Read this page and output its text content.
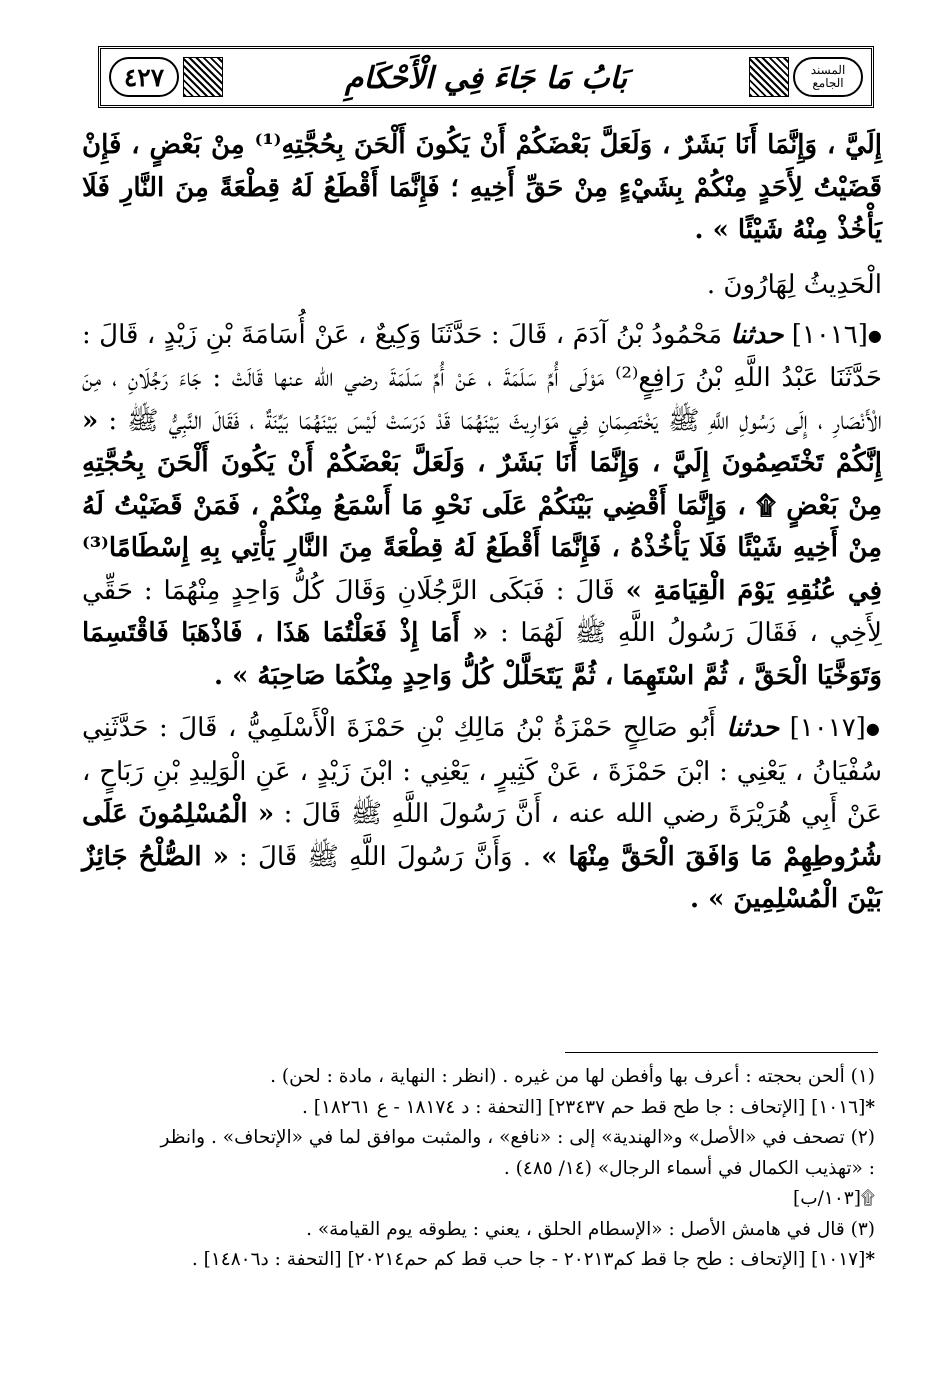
٤٢٧	بَابُ مَا جَاءَ فِي الْأَحْكَامِ	المسند
الجامع

إِلَيَّ ، وَإِنَّمَا أَنَا بَشَرٌ ، وَلَعَلَّ بَعْضَكُمْ أَنْ يَكُونَ أَلْحَنَ بِحُجَّتِهِ⁽¹⁾ مِنْ بَعْضٍ ، فَإِنْ قَضَيْتُ لِأَحَدٍ مِنْكُمْ بِشَيْءٍ مِنْ حَقِّ أَخِيهِ ؛ فَإِنَّمَا أَقْطَعُ لَهُ قِطْعَةً مِنَ النَّارِ فَلَا يَأْخُذْ مِنْهُ شَيْئًا » .

الْحَدِيثُ لِهَارُونَ .

●[١٠١٦] حدثنا مَحْمُودُ بْنُ آدَمَ ، قَالَ : حَدَّثَنَا وَكِيعٌ ، عَنْ أُسَامَةَ بْنِ زَيْدٍ ، قَالَ : حَدَّثَنَا عَبْدُ اللَّهِ بْنُ رَافِعٍ⁽²⁾ مَوْلَى أُمِّ سَلَمَةَ ، عَنْ أُمِّ سَلَمَةَ رضي الله عنها قَالَتْ : جَاءَ رَجُلَانِ ، مِنَ الْأَنْصَارِ ، إِلَى رَسُولِ اللَّهِ ﷺ يَخْتَصِمَانِ فِي مَوَارِيثَ بَيْنَهُمَا قَدْ دَرَسَتْ لَيْسَ بَيْنَهُمَا بَيِّنَةٌ ، فَقَالَ النَّبِيُّ ﷺ : « إِنَّكُمْ تَخْتَصِمُونَ إِلَيَّ ، وَإِنَّمَا أَنَا بَشَرٌ ، وَلَعَلَّ بَعْضَكُمْ أَنْ يَكُونَ أَلْحَنَ بِحُجَّتِهِ مِنْ بَعْضٍ ۩ ، وَإِنَّمَا أَقْضِي بَيْنَكُمْ عَلَى نَحْوِ مَا أَسْمَعُ مِنْكُمْ ، فَمَنْ قَضَيْتُ لَهُ مِنْ أَخِيهِ شَيْئًا فَلَا يَأْخُذْهُ ، فَإِنَّمَا أَقْطَعُ لَهُ قِطْعَةً مِنَ النَّارِ يَأْتِي بِهِ إِسْطَامًا⁽³⁾ فِي عُنُقِهِ يَوْمَ الْقِيَامَةِ » قَالَ : فَبَكَى الرَّجُلَانِ وَقَالَ كُلُّ وَاحِدٍ مِنْهُمَا : حَقِّي لِأَخِي ، فَقَالَ رَسُولُ اللَّهِ ﷺ لَهُمَا : « أَمَا إِذْ فَعَلْتُمَا هَذَا ، فَاذْهَبَا فَاقْتَسِمَا وَتَوَخَّيَا الْحَقَّ ، ثُمَّ اسْتَهِمَا ، ثُمَّ يَتَحَلَّلْ كُلُّ وَاحِدٍ مِنْكُمَا صَاحِبَهُ » .

●[١٠١٧] حدثنا أَبُو صَالِحٍ حَمْزَةُ بْنُ مَالِكِ بْنِ حَمْزَةَ الْأَسْلَمِيُّ ، قَالَ : حَدَّثَنِي سُفْيَانُ ، يَعْنِي : ابْنَ حَمْزَةَ ، عَنْ كَثِيرٍ ، يَعْنِي : ابْنَ زَيْدٍ ، عَنِ الْوَلِيدِ بْنِ رَبَاحٍ ، عَنْ أَبِي هُرَيْرَةَ رضي الله عنه ، أَنَّ رَسُولَ اللَّهِ ﷺ قَالَ : « الْمُسْلِمُونَ عَلَى شُرُوطِهِمْ مَا وَافَقَ الْحَقَّ مِنْهَا » . وَأَنَّ رَسُولَ اللَّهِ ﷺ قَالَ : « الصُّلْحُ جَائِزٌ بَيْنَ الْمُسْلِمِينَ » .

(١) ألحن بحجته : أعرف بها وأفطن لها من غيره . (انظر : النهاية ، مادة : لحن) .

*[١٠١٦] [الإتحاف : جا طح قط حم ٢٣٤٣٧] [التحفة : د ١٨١٧٤ - ع ١٨٢٦١] .

(٢) تصحف في «الأصل» و«الهندية» إلى : «نافع» ، والمثبت موافق لما في «الإتحاف» . وانظر : «تهذيب الكمال في أسماء الرجال» (١٤/ ٤٨٥) .

۩[١٠٣/ب]

(٣) قال في هامش الأصل : «الإسطام الحلق ، يعني : يطوقه يوم القيامة» .

*[١٠١٧] [الإتحاف : طح جا قط كم٢٠٢١٣ - جا حب قط كم حم٢٠٢١٤] [التحفة : د١٤٨٠٦] .
